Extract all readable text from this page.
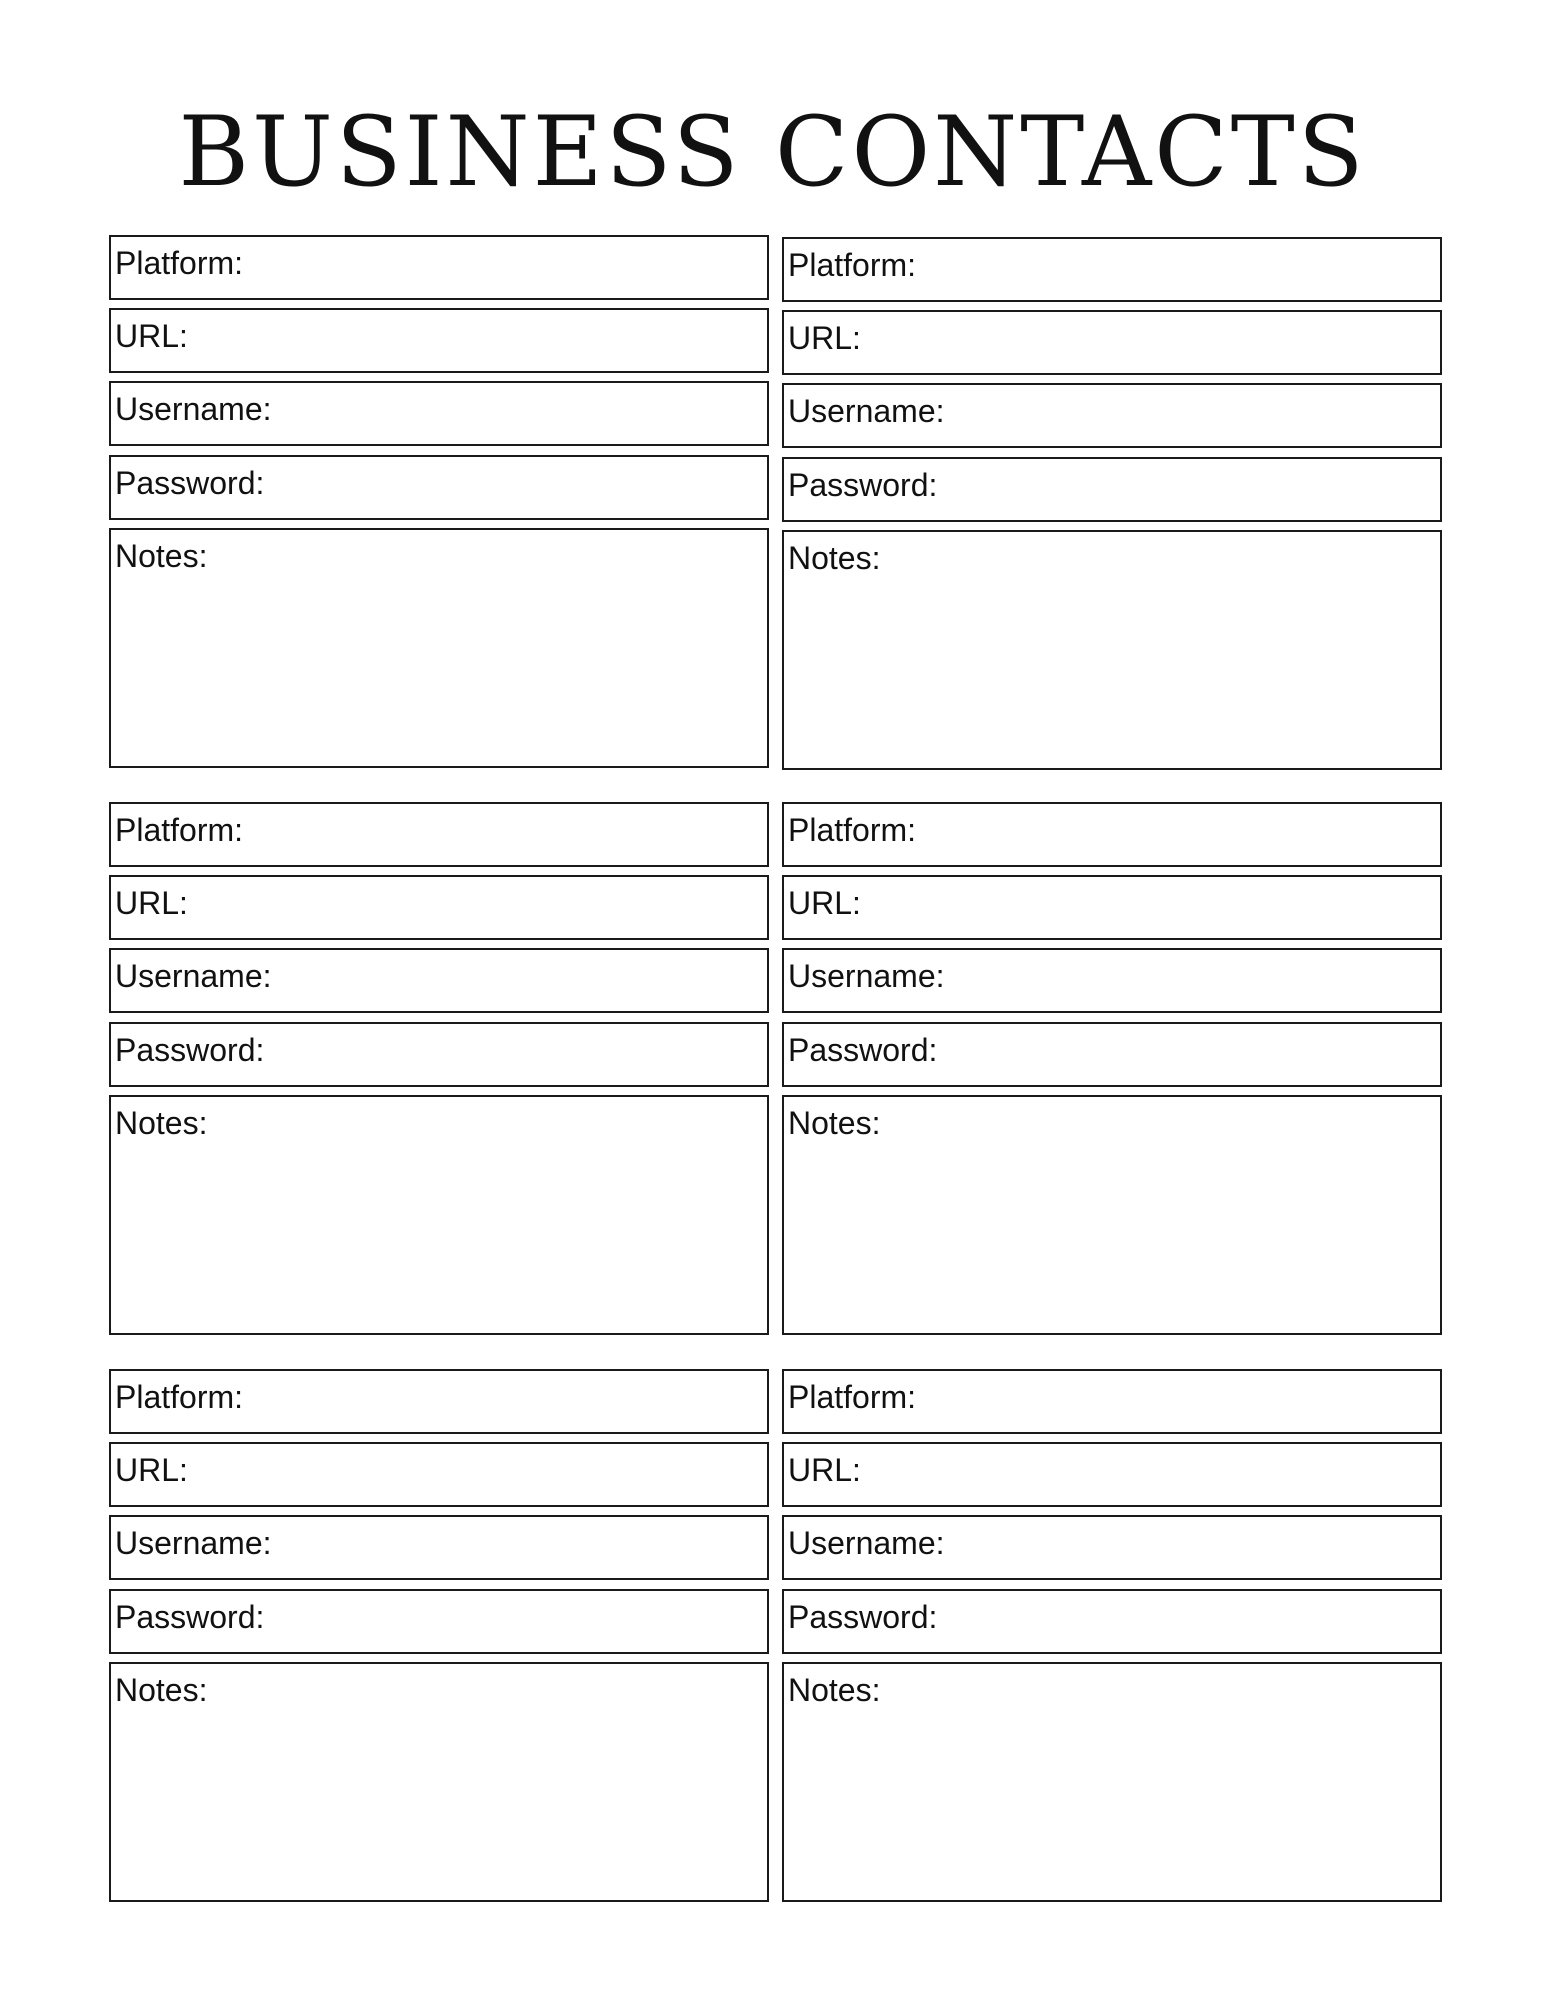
BUSINESS CONTACTS
Platform:
URL:
Username:
Password:
Notes:
Platform:
URL:
Username:
Password:
Notes:
Platform:
URL:
Username:
Password:
Notes:
Platform:
URL:
Username:
Password:
Notes:
Platform:
URL:
Username:
Password:
Notes:
Platform:
URL:
Username:
Password:
Notes:
